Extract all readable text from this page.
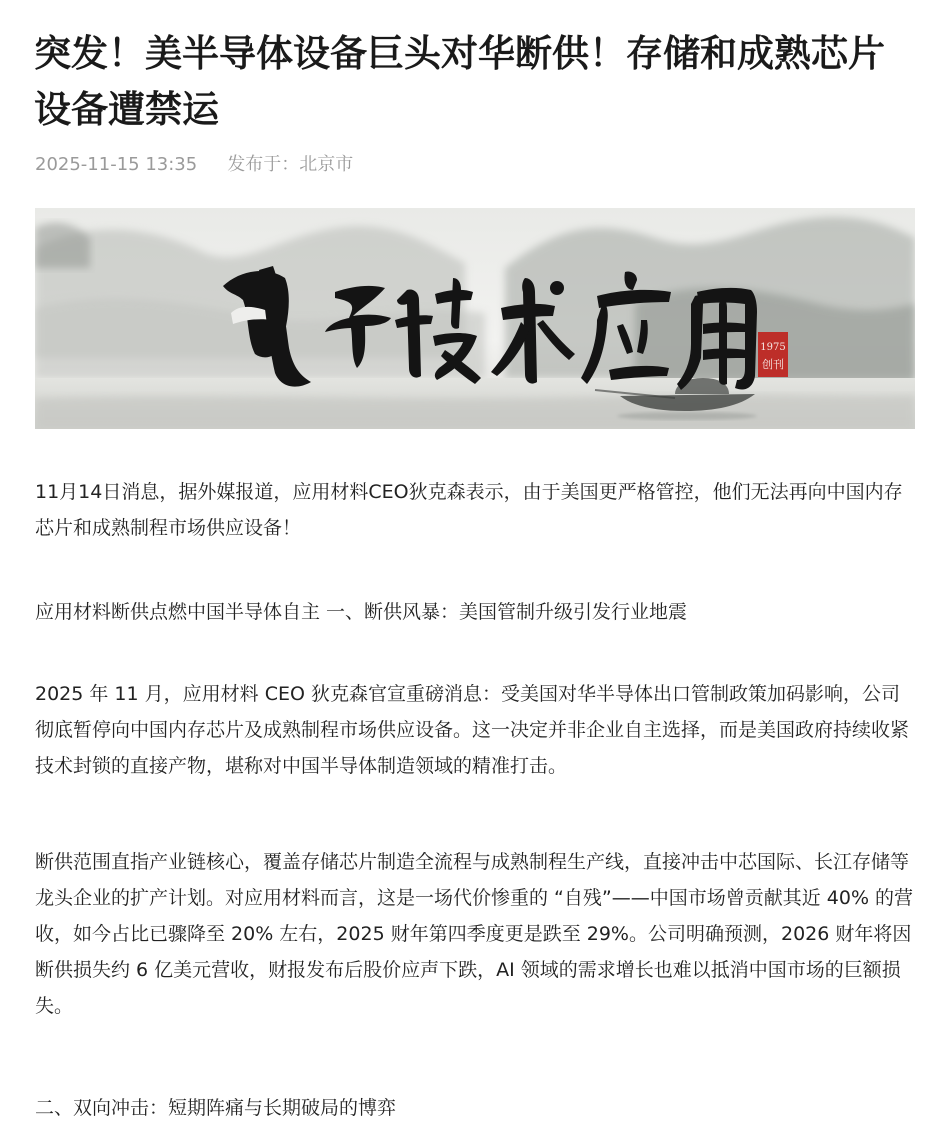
突发！美半导体设备巨头对华断供！存储和成熟芯片设备遭禁运
2025-11-15 13:35 发布于：北京市
1975
创刊

11月14日消息，据外媒报道，应用材料CEO狄克森表示，由于美国更严格管控，他们无法再向中国内存芯片和成熟制程市场供应设备！

应用材料断供点燃中国半导体自主 一、断供风暴：美国管制升级引发行业地震

2025 年 11 月，应用材料 CEO 狄克森官宣重磅消息：受美国对华半导体出口管制政策加码影响，公司彻底暂停向中国内存芯片及成熟制程市场供应设备。这一决定并非企业自主选择，而是美国政府持续收紧技术封锁的直接产物，堪称对中国半导体制造领域的精准打击。

断供范围直指产业链核心，覆盖存储芯片制造全流程与成熟制程生产线，直接冲击中芯国际、长江存储等龙头企业的扩产计划。对应用材料而言，这是一场代价惨重的 “自残”——中国市场曾贡献其近 40% 的营收，如今占比已骤降至 20% 左右，2025 财年第四季度更是跌至 29%。公司明确预测，2026 财年将因断供损失约 6 亿美元营收，财报发布后股价应声下跌，AI 领域的需求增长也难以抵消中国市场的巨额损失。

二、双向冲击：短期阵痛与长期破局的博弈
